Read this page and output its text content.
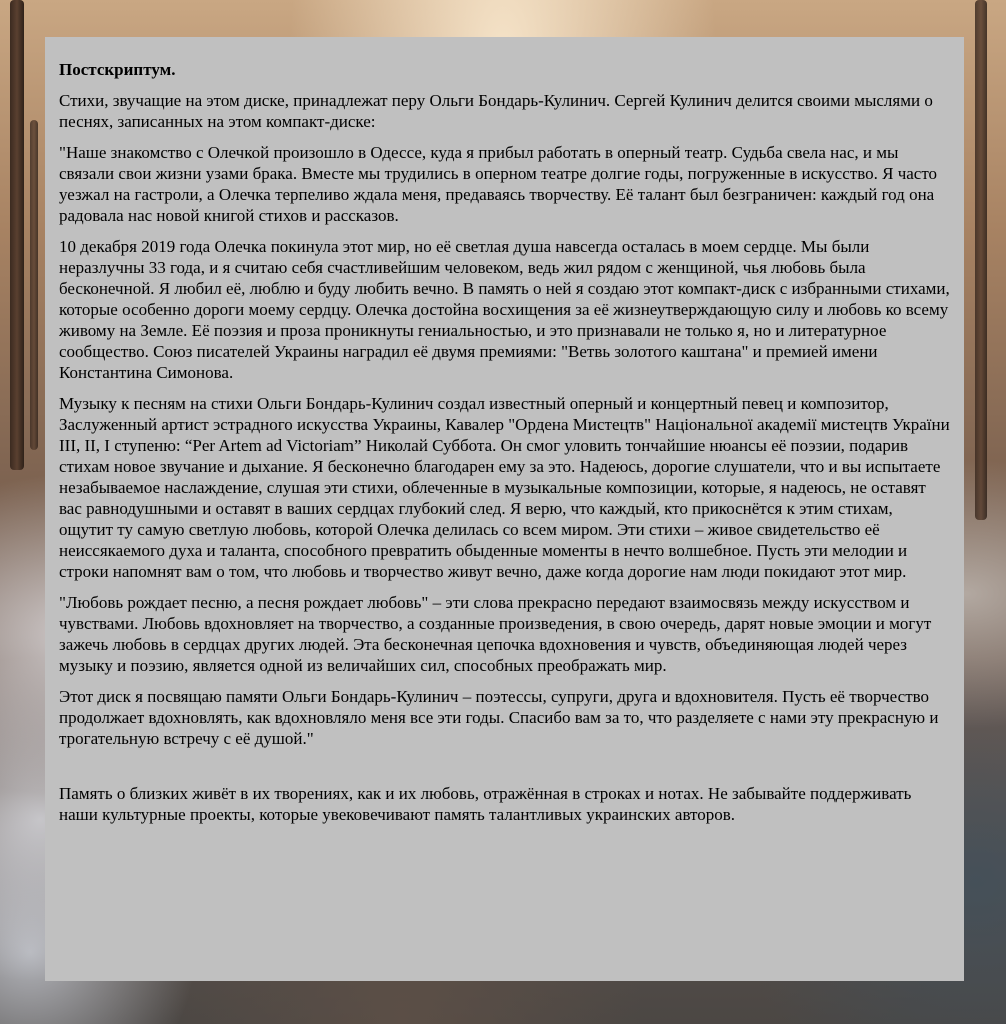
Постскриптум.

Стихи, звучащие на этом диске, принадлежат перу Ольги Бондарь-Кулинич. Сергей Кулинич делится своими мыслями о песнях, записанных на этом компакт-диске:

"Наше знакомство с Олечкой произошло в Одессе, куда я прибыл работать в оперный театр. Судьба свела нас, и мы связали свои жизни узами брака. Вместе мы трудились в оперном театре долгие годы, погруженные в искусство. Я часто уезжал на гастроли, а Олечка терпеливо ждала меня, предаваясь творчеству. Её талант был безграничен: каждый год она радовала нас новой книгой стихов и рассказов.

10 декабря 2019 года Олечка покинула этот мир, но её светлая душа навсегда осталась в моем сердце. Мы были неразлучны 33 года, и я считаю себя счастливейшим человеком, ведь жил рядом с женщиной, чья любовь была бесконечной. Я любил её, люблю и буду любить вечно. В память о ней я создаю этот компакт-диск с избранными стихами, которые особенно дороги моему сердцу. Олечка достойна восхищения за её жизнеутверждающую силу и любовь ко всему живому на Земле. Её поэзия и проза проникнуты гениальностью, и это признавали не только я, но и литературное сообщество. Союз писателей Украины наградил её двумя премиями: "Ветвь золотого каштана" и премией имени Константина Симонова.

Музыку к песням на стихи Ольги Бондарь-Кулинич создал известный оперный и концертный певец и композитор, Заслуженный артист эстрадного искусства Украины, Кавалер "Ордена Мистецтв" Національної академії мистецтв України III, II, I ступеню: “Per Artem ad Victoriam” Николай Суббота. Он смог уловить тончайшие нюансы её поэзии, подарив стихам новое звучание и дыхание. Я бесконечно благодарен ему за это. Надеюсь, дорогие слушатели, что и вы испытаете незабываемое наслаждение, слушая эти стихи, облеченные в музыкальные композиции, которые, я надеюсь, не оставят вас равнодушными и оставят в ваших сердцах глубокий след. Я верю, что каждый, кто прикоснётся к этим стихам, ощутит ту самую светлую любовь, которой Олечка делилась со всем миром. Эти стихи – живое свидетельство её неиссякаемого духа и таланта, способного превратить обыденные моменты в нечто волшебное. Пусть эти мелодии и строки напомнят вам о том, что любовь и творчество живут вечно, даже когда дорогие нам люди покидают этот мир.

"Любовь рождает песню, а песня рождает любовь" – эти слова прекрасно передают взаимосвязь между искусством и чувствами. Любовь вдохновляет на творчество, а созданные произведения, в свою очередь, дарят новые эмоции и могут зажечь любовь в сердцах других людей. Эта бесконечная цепочка вдохновения и чувств, объединяющая людей через музыку и поэзию, является одной из величайших сил, способных преображать мир.

Этот диск я посвящаю памяти Ольги Бондарь-Кулинич – поэтессы, супруги, друга и вдохновителя. Пусть её творчество продолжает вдохновлять, как вдохновляло меня все эти годы. Спасибо вам за то, что разделяете с нами эту прекрасную и трогательную встречу с её душой."

Память о близких живёт в их творениях, как и их любовь, отражённая в строках и нотах. Не забывайте поддерживать наши культурные проекты, которые увековечивают память талантливых украинских авторов.
